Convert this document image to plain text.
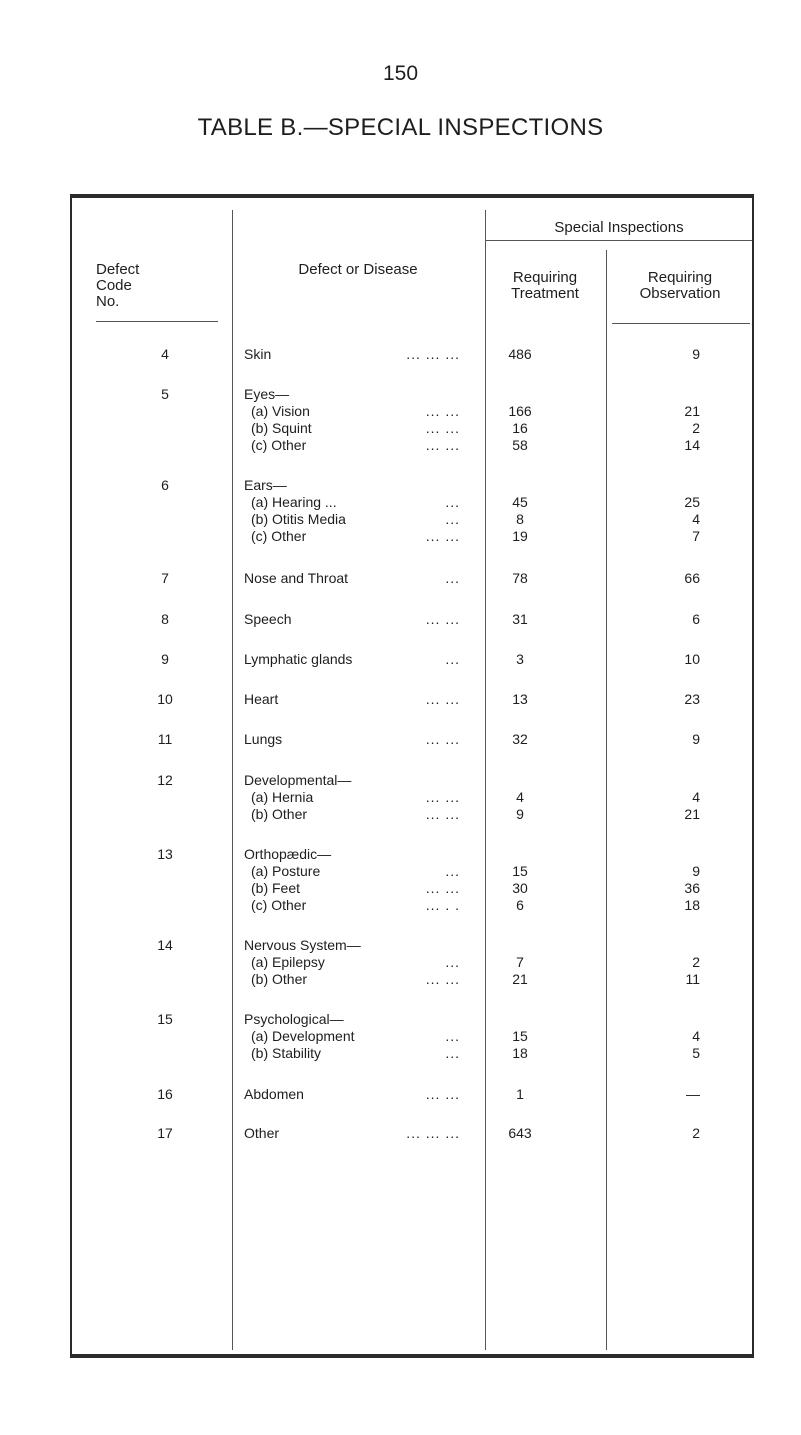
150
TABLE B.—SPECIAL INSPECTIONS
Defect
Code
No.
Defect or Disease
Special Inspections
Requiring
Treatment
Requiring
Observation
4	Skin	... ... ...	486	9
5	Eyes—
(a) Vision	... ...	166	21
(b) Squint	... ...	16	2
(c) Other	... ...	58	14
6	Ears—
(a) Hearing ...	...	45	25
(b) Otitis Media	...	8	4
(c) Other	... ...	19	7
7	Nose and Throat	...	78	66
8	Speech	... ...	31	6
9	Lymphatic glands	...	3	10
10	Heart	... ...	13	23
11	Lungs	... ...	32	9
12	Developmental—
(a) Hernia	... ...	4	4
(b) Other	... ...	9	21
13	Orthopædic—
(a) Posture	...	15	9
(b) Feet	... ...	30	36
(c) Other	... . .	6	18
14	Nervous System—
(a) Epilepsy	...	7	2
(b) Other	... ...	21	11
15	Psychological—
(a) Development	...	15	4
(b) Stability	...	18	5
16	Abdomen	... ...	1	—
17	Other	... ... ...	643	2
